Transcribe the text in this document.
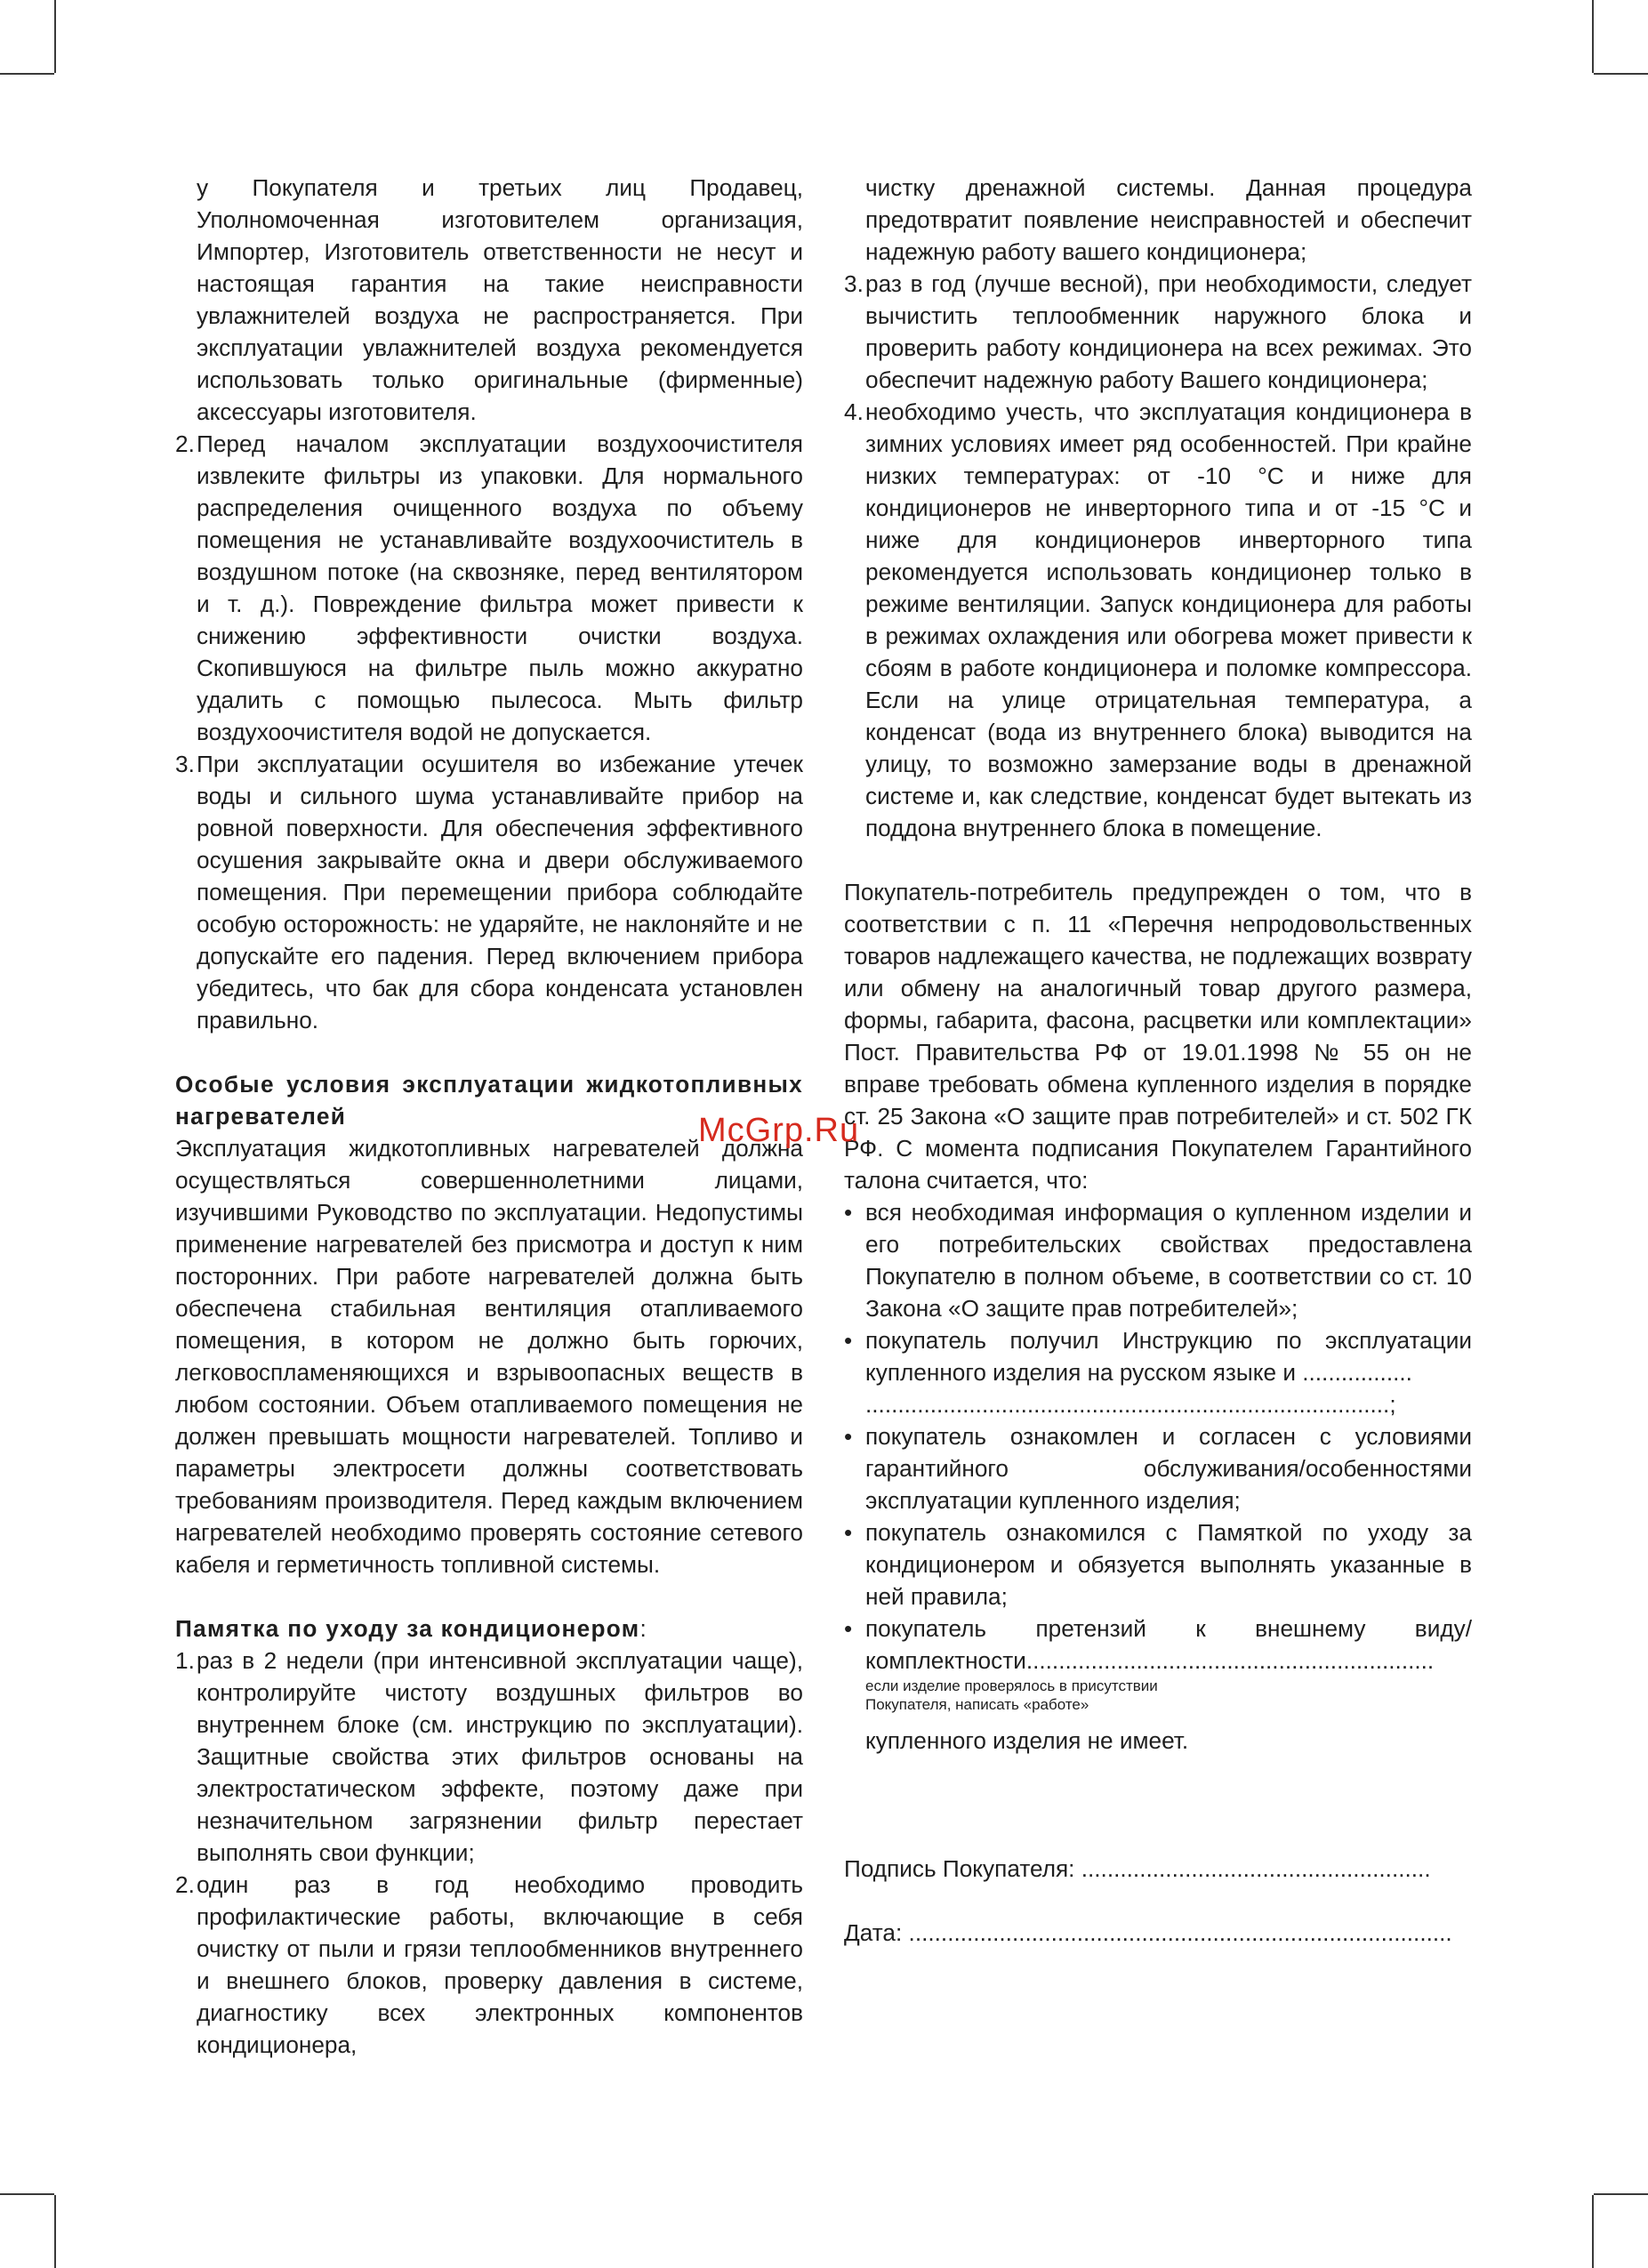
у Покупателя и третьих лиц Продавец, Уполномоченная изготовителем организация, Импортер, Изготовитель ответственности не несут и настоящая гарантия на такие неисправности увлажнителей воздуха не распространяется. При эксплуатации увлажнителей воздуха рекомендуется использовать только оригинальные (фирменные) аксессуары изготовителя.

2. Перед началом эксплуатации воздухоочистителя извлеките фильтры из упаковки. Для нормального распределения очищенного воздуха по объему помещения не устанавливайте воздухоочиститель в воздушном потоке (на сквозняке, перед вентилятором и т. д.). Повреждение фильтра может привести к снижению эффективности очистки воздуха. Скопившуюся на фильтре пыль можно аккуратно удалить с помощью пылесоса. Мыть фильтр воздухоочистителя водой не допускается.
3. При эксплуатации осушителя во избежание утечек воды и сильного шума устанавливайте прибор на ровной поверхности. Для обеспечения эффективного осушения закрывайте окна и двери обслуживаемого помещения. При перемещении прибора соблюдайте особую осторожность: не ударяйте, не наклоняйте и не допускайте его падения. Перед включением прибора убедитесь, что бак для сбора конденсата установлен правильно.

Особые условия эксплуатации жидкотопливных нагревателей

Эксплуатация жидкотопливных нагревателей должна осуществляться совершеннолетними лицами, изучившими Руководство по эксплуатации. Недопустимы применение нагревателей без присмотра и доступ к ним посторонних. При работе нагревателей должна быть обеспечена стабильная вентиляция отапливаемого помещения, в котором не должно быть горючих, легковоспламеняющихся и взрывоопасных веществ в любом состоянии. Объем отапливаемого помещения не должен превышать мощности нагревателей. Топливо и параметры электросети должны соответствовать требованиям производителя. Перед каждым включением нагревателей необходимо проверять состояние сетевого кабеля и герметичность топливной системы.

Памятка по уходу за кондиционером:

1. раз в 2 недели (при интенсивной эксплуатации чаще), контролируйте чистоту воздушных фильтров во внутреннем блоке (см. инструкцию по эксплуатации). Защитные свойства этих фильтров основаны на электростатическом эффекте, поэтому даже при незначительном загрязнении фильтр перестает выполнять свои функции;
2. один раз в год необходимо проводить профилактические работы, включающие в себя очистку от пыли и грязи теплообменников внутреннего и внешнего блоков, проверку давления в системе, диагностику всех электронных компонентов кондиционера,

чистку дренажной системы. Данная процедура предотвратит появление неисправностей и обеспечит надежную работу вашего кондиционера;

3. раз в год (лучше весной), при необходимости, следует вычистить теплообменник наружного блока и проверить работу кондиционера на всех режимах. Это обеспечит надежную работу Вашего кондиционера;
4. необходимо учесть, что эксплуатация кондиционера в зимних условиях имеет ряд особенностей. При крайне низких температурах: от -10 °С и ниже для кондиционеров не инверторного типа и от -15 °С и ниже для кондиционеров инверторного типа рекомендуется использовать кондиционер только в режиме вентиляции. Запуск кондиционера для работы в режимах охлаждения или обогрева может привести к сбоям в работе кондиционера и поломке компрессора. Если на улице отрицательная температура, а конденсат (вода из внутреннего блока) выводится на улицу, то возможно замерзание воды в дренажной системе и, как следствие, конденсат будет вытекать из поддона внутреннего блока в помещение.

Покупатель-потребитель предупрежден о том, что в соответствии с п. 11 «Перечня непродовольственных товаров надлежащего качества, не подлежащих возврату или обмену на аналогичный товар другого размера, формы, габарита, фасона, расцветки или комплектации» Пост. Правительства РФ от 19.01.1998 № 55 он не вправе требовать обмена купленного изделия в порядке ст. 25 Закона «О защите прав потребителей» и ст. 502 ГК РФ. С момента подписания Покупателем Гарантийного талона считается, что:

• вся необходимая информация о купленном изделии и его потребительских свойствах предоставлена Покупателю в полном объеме, в соответствии со ст. 10 Закона «О защите прав потребителей»;
• покупатель получил Инструкцию по эксплуатации купленного изделия на русском языке и .................
.................................................................................;
• покупатель ознакомлен и согласен с условиями гарантийного обслуживания/особенностями эксплуатации купленного изделия;
• покупатель ознакомился с Памяткой по уходу за кондиционером и обязуется выполнять указанные в ней правила;
• покупатель претензий к внешнему виду/комплектности...............................................................

если изделие проверялось в присутствии

Покупателя, написать «работе»

купленного изделия не имеет.

Подпись Покупателя: ......................................................

Дата: ....................................................................................

McGrp.Ru
